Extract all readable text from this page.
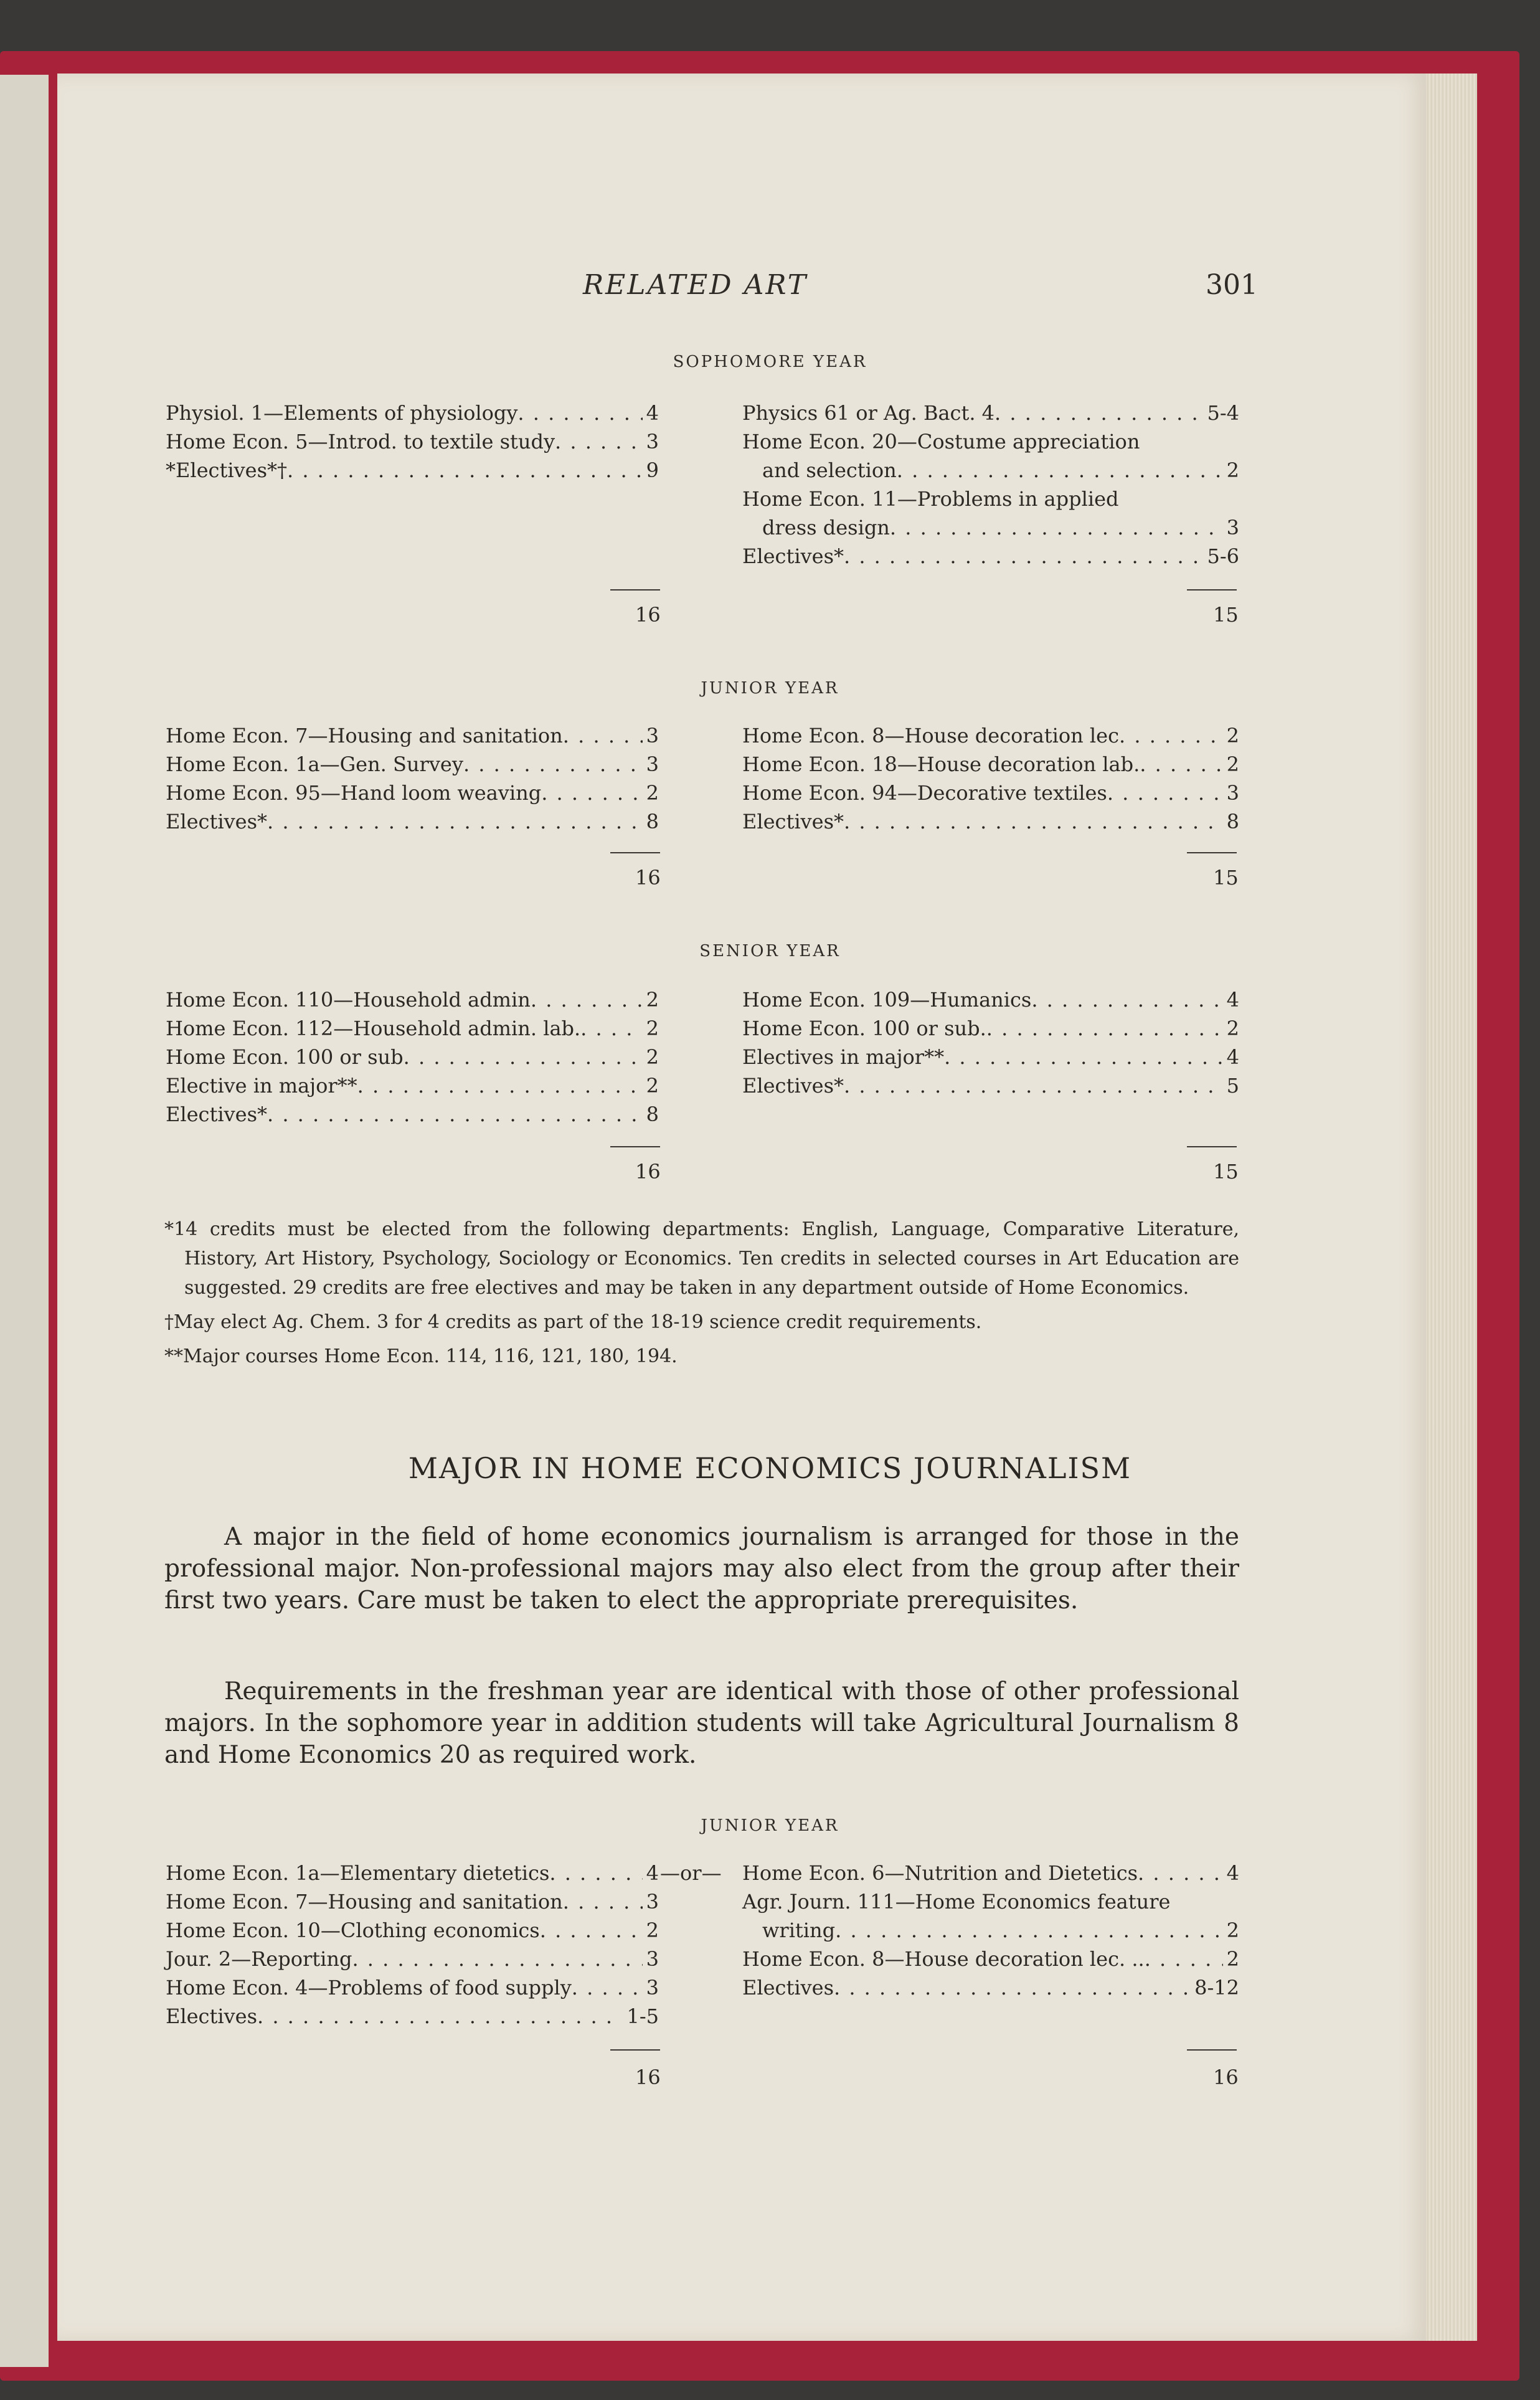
RELATED ART	301
SOPHOMORE YEAR
Physiol. 1—Elements of physiology . . .	4
Home Econ. 5—Introd. to textile study . . .	3
*Electives*† . . .	9
Physics 61 or Ag. Bact. 4 . . .	5-4
Home Econ. 20—Costume appreciation
and selection . . .	2
Home Econ. 11—Problems in applied
dress design . . .	3
Electives* . . .	5-6
16	15
JUNIOR YEAR
Home Econ. 7—Housing and sanitation . . .	3
Home Econ. 1a—Gen. Survey . . .	3
Home Econ. 95—Hand loom weaving . . .	2
Electives* . . .	8
Home Econ. 8—House decoration lec . . .	2
Home Econ. 18—House decoration lab. . . .	2
Home Econ. 94—Decorative textiles . . .	3
Electives* . . .	8
16	15
SENIOR YEAR
Home Econ. 110—Household admin . . .	2
Home Econ. 112—Household admin. lab. . . .	2
Home Econ. 100 or sub . . .	2
Elective in major** . . .	2
Electives* . . .	8
Home Econ. 109—Humanics . . .	4
Home Econ. 100 or sub. . . .	2
Electives in major** . . .	4
Electives* . . .	5
16	15
*14 credits must be elected from the following departments: English, Language, Comparative Literature, History, Art History, Psychology, Sociology or Economics. Ten credits in selected courses in Art Education are suggested. 29 credits are free electives and may be taken in any department outside of Home Economics.
†May elect Ag. Chem. 3 for 4 credits as part of the 18-19 science credit requirements.
**Major courses Home Econ. 114, 116, 121, 180, 194.
MAJOR IN HOME ECONOMICS JOURNALISM
A major in the field of home economics journalism is arranged for those in the professional major. Non-professional majors may also elect from the group after their first two years. Care must be taken to elect the appropriate prerequisites.
Requirements in the freshman year are identical with those of other professional majors. In the sophomore year in addition students will take Agricultural Journalism 8 and Home Economics 20 as required work.
JUNIOR YEAR
Home Econ. 1a—Elementary dietetics . . .	4
Home Econ. 7—Housing and sanitation . . .	3
Home Econ. 10—Clothing economics . . .	2
Jour. 2—Reporting . . .	3
Home Econ. 4—Problems of food supply . . .	3
Electives . . .	1-5
—or— Home Econ. 6—Nutrition and Dietetics . . .	4
Agr. Journ. 111—Home Economics feature
writing . . .	2
Home Econ. 8—House decoration lec. .. . . .	2
Electives . . .	8-12
16	16
